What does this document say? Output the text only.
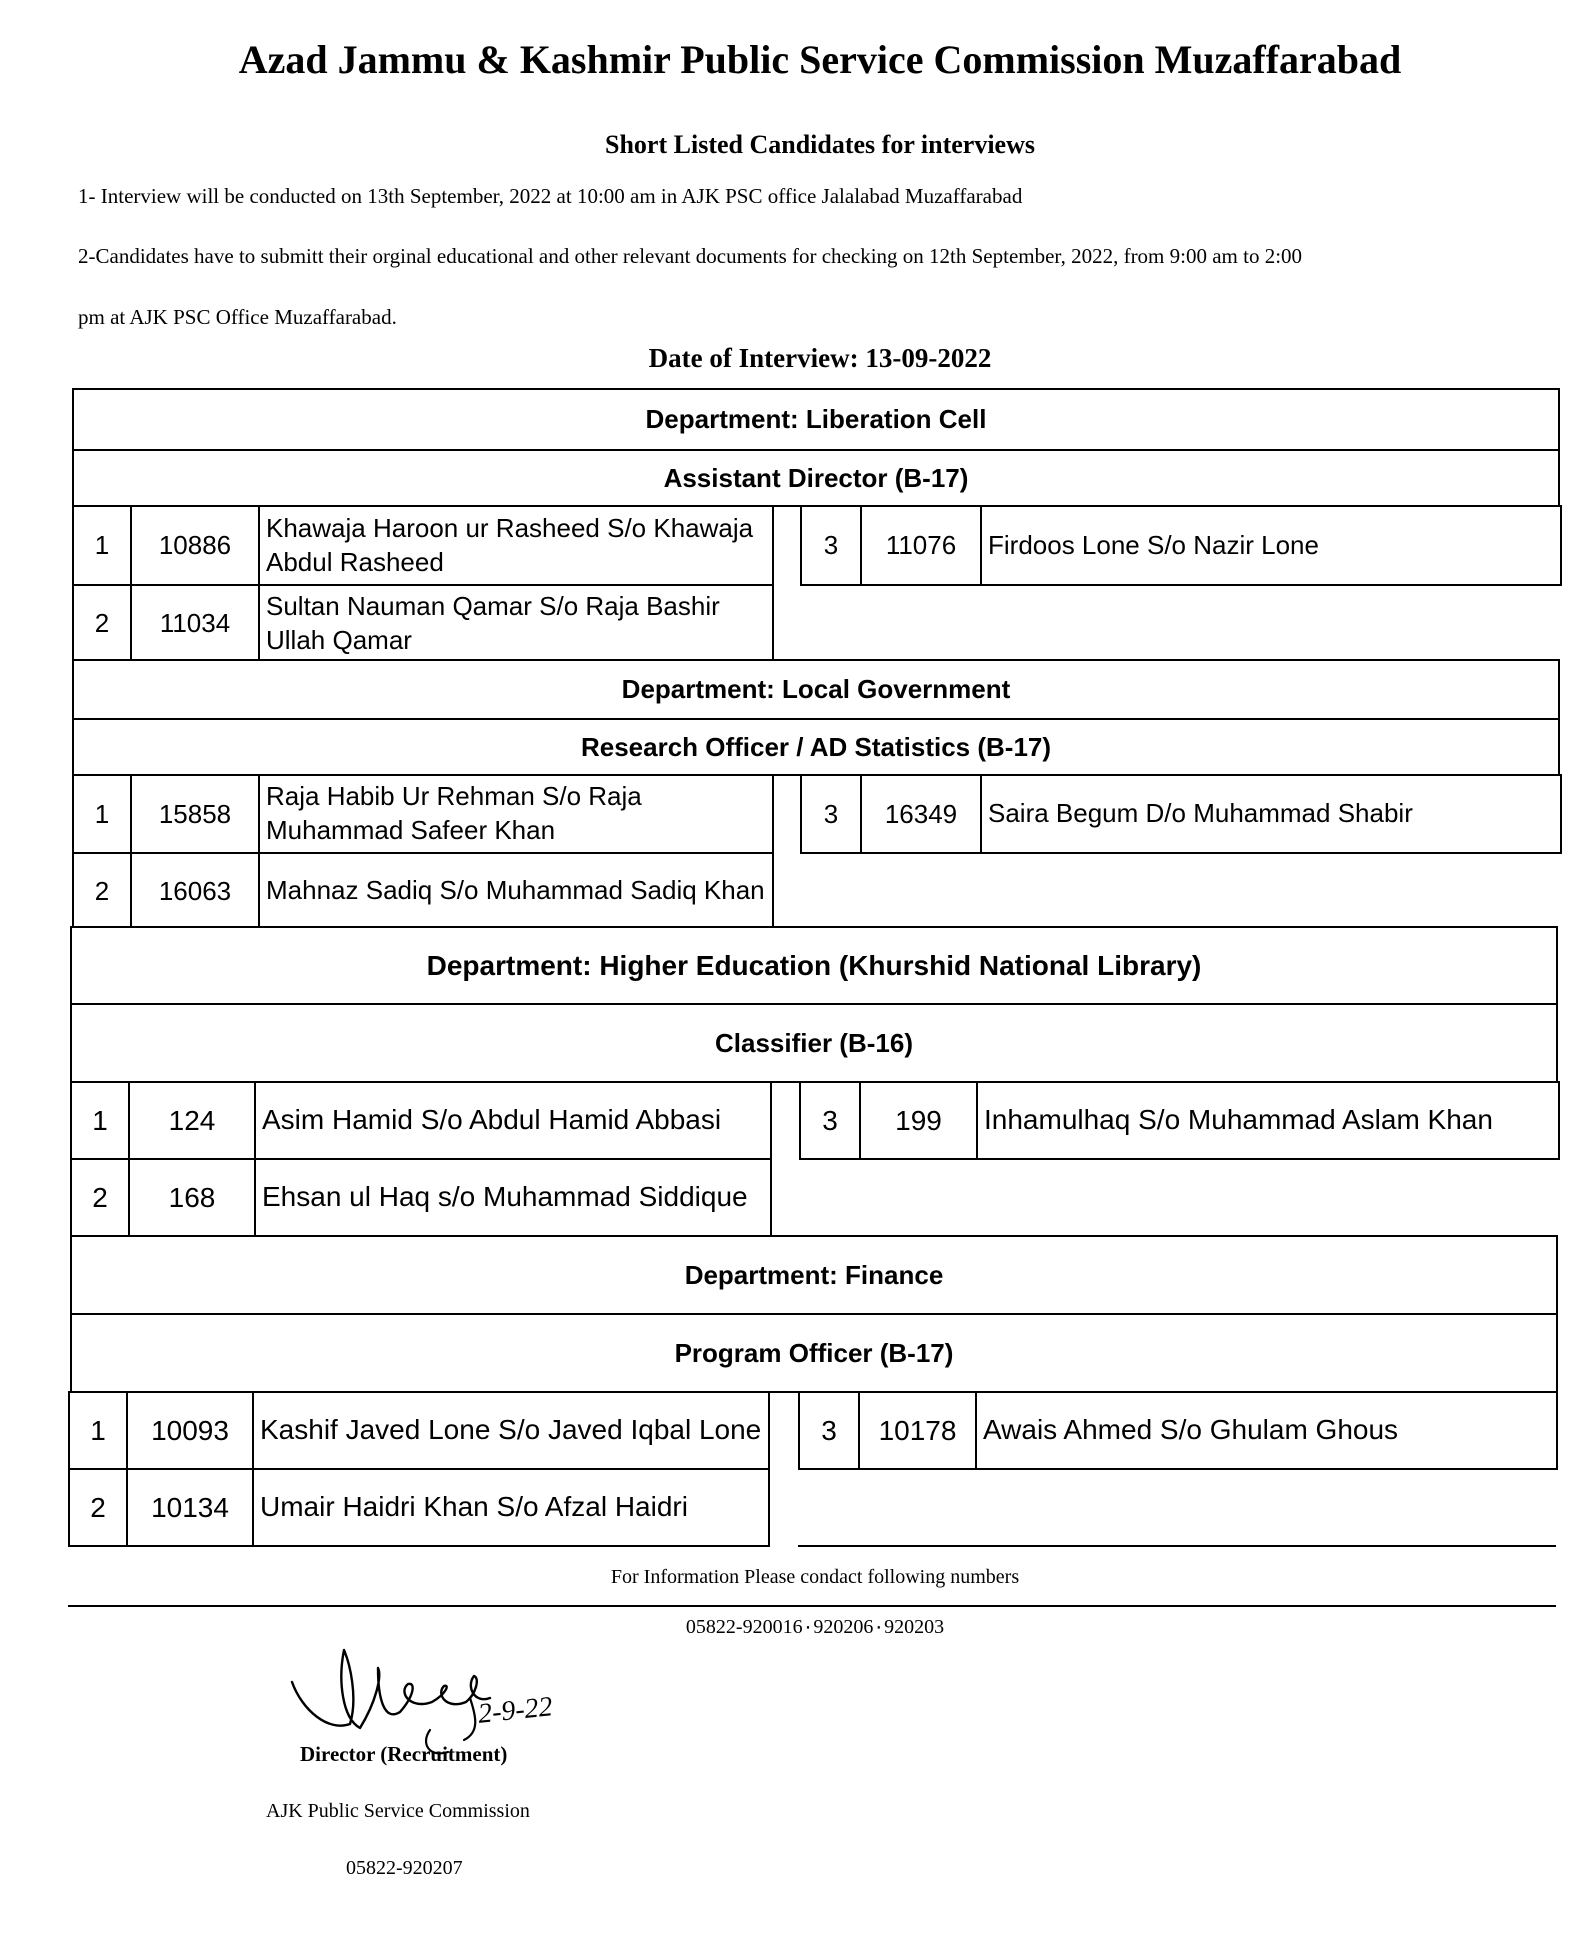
Azad Jammu & Kashmir Public Service Commission Muzaffarabad
Short Listed Candidates for interviews
1- Interview will be conducted on 13th September, 2022 at 10:00 am in AJK PSC office Jalalabad Muzaffarabad
2-Candidates have to submitt their orginal educational and other relevant documents for checking on 12th September, 2022, from 9:00 am to 2:00
pm at AJK PSC Office Muzaffarabad.
Date of Interview: 13-09-2022
Department: Liberation Cell
Assistant Director (B-17)
1	10886	Khawaja Haroon ur Rasheed S/o Khawaja Abdul Rasheed
2	11034	Sultan Nauman Qamar S/o Raja Bashir Ullah Qamar
3	11076	Firdoos Lone S/o Nazir Lone
Department: Local Government
Research Officer / AD Statistics (B-17)
1	15858	Raja Habib Ur Rehman S/o Raja Muhammad Safeer Khan
2	16063	Mahnaz Sadiq S/o Muhammad Sadiq Khan
3	16349	Saira Begum D/o Muhammad Shabir
Department: Higher Education (Khurshid National Library)
Classifier (B-16)
1	124	Asim Hamid S/o Abdul Hamid Abbasi
2	168	Ehsan ul Haq s/o Muhammad Siddique
3	199	Inhamulhaq S/o Muhammad Aslam Khan
Department: Finance
Program Officer (B-17)
1	10093	Kashif Javed Lone S/o Javed Iqbal Lone
2	10134	Umair Haidri Khan S/o Afzal Haidri
3	10178	Awais Ahmed S/o Ghulam Ghous
For Information Please condact following numbers
05822-920016٠920206٠920203
2-9-22
Director (Recruitment)
AJK Public Service Commission
05822-920207
